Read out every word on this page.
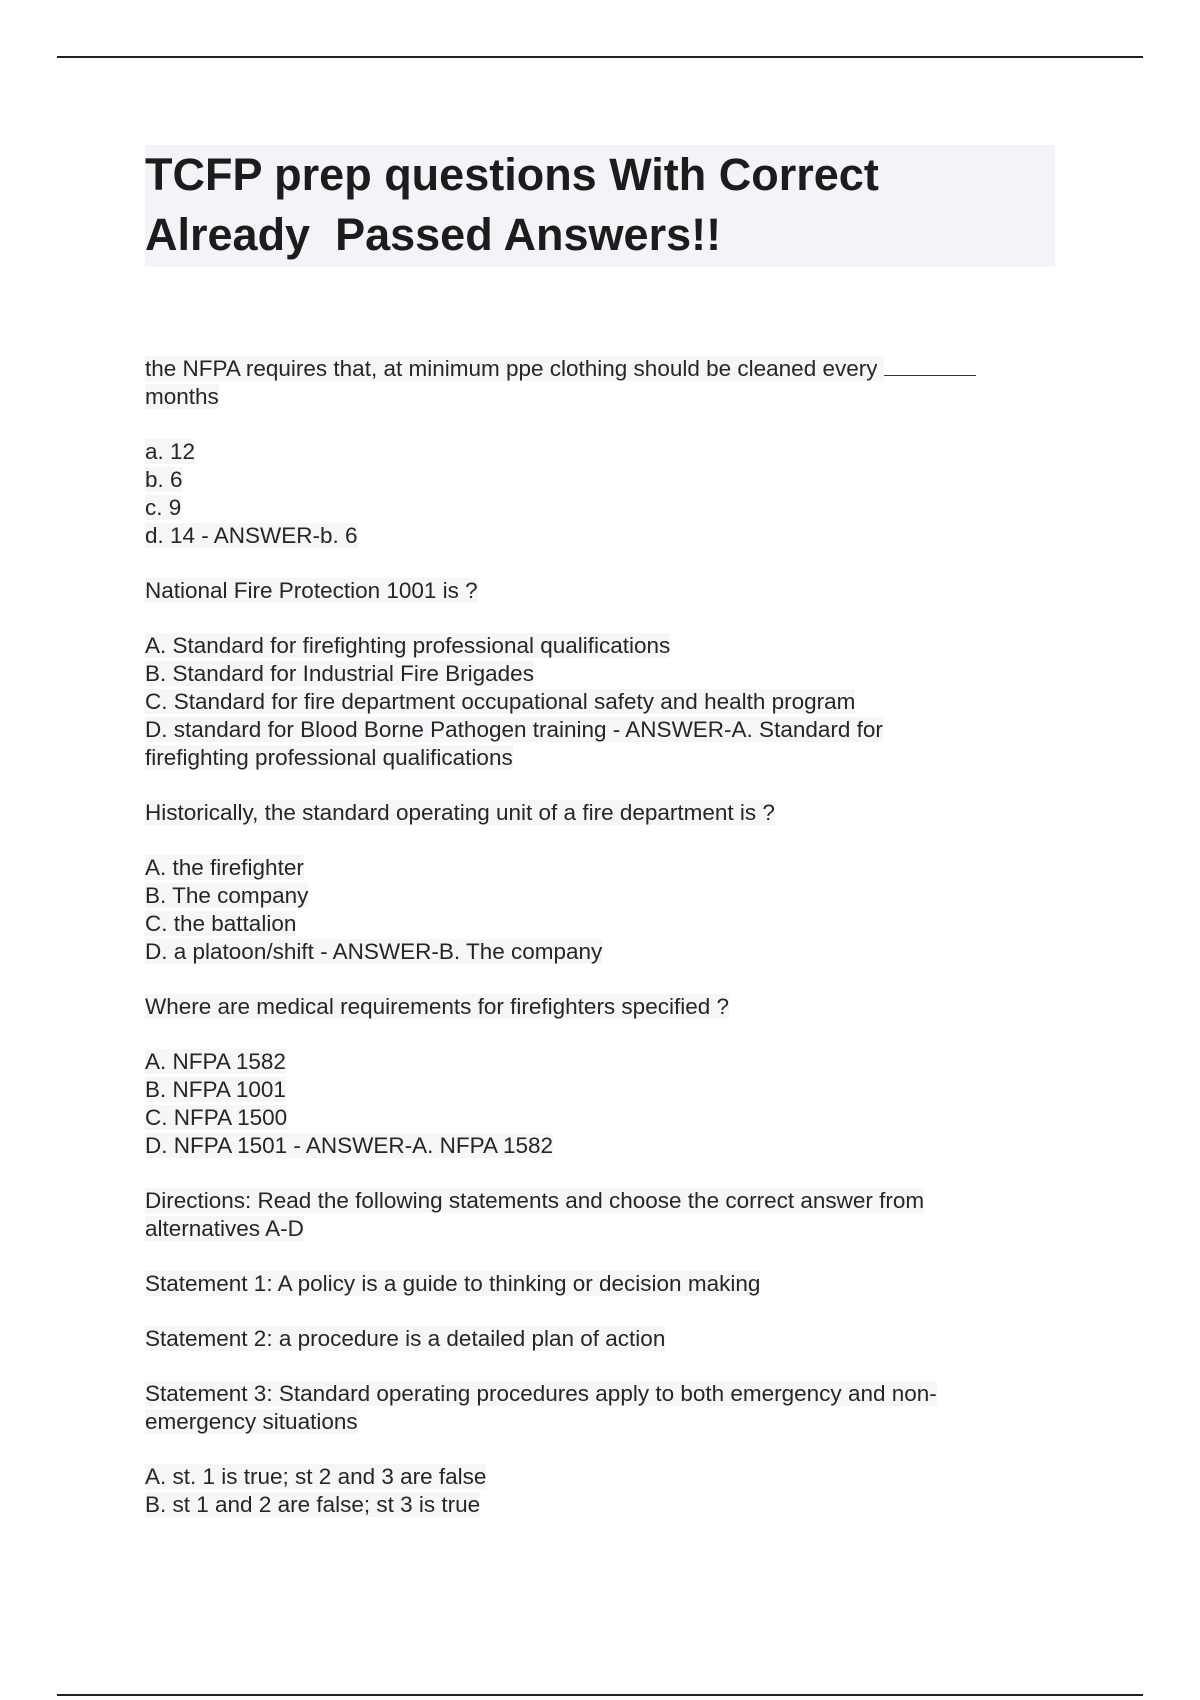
TCFP prep questions With Correct
Already  Passed Answers!!
the NFPA requires that, at minimum ppe clothing should be cleaned every
months
a. 12
b. 6
c. 9
d. 14 - ANSWER-b. 6
National Fire Protection 1001 is ?
A. Standard for firefighting professional qualifications
B. Standard for Industrial Fire Brigades
C. Standard for fire department occupational safety and health program
D. standard for Blood Borne Pathogen training - ANSWER-A. Standard for
firefighting professional qualifications
Historically, the standard operating unit of a fire department is ?
A. the firefighter
B. The company
C. the battalion
D. a platoon/shift - ANSWER-B. The company
Where are medical requirements for firefighters specified ?
A. NFPA 1582
B. NFPA 1001
C. NFPA 1500
D. NFPA 1501 - ANSWER-A. NFPA 1582
Directions: Read the following statements and choose the correct answer from
alternatives A-D
Statement 1: A policy is a guide to thinking or decision making
Statement 2: a procedure is a detailed plan of action
Statement 3: Standard operating procedures apply to both emergency and non-
emergency situations
A. st. 1 is true; st 2 and 3 are false
B. st 1 and 2 are false; st 3 is true
